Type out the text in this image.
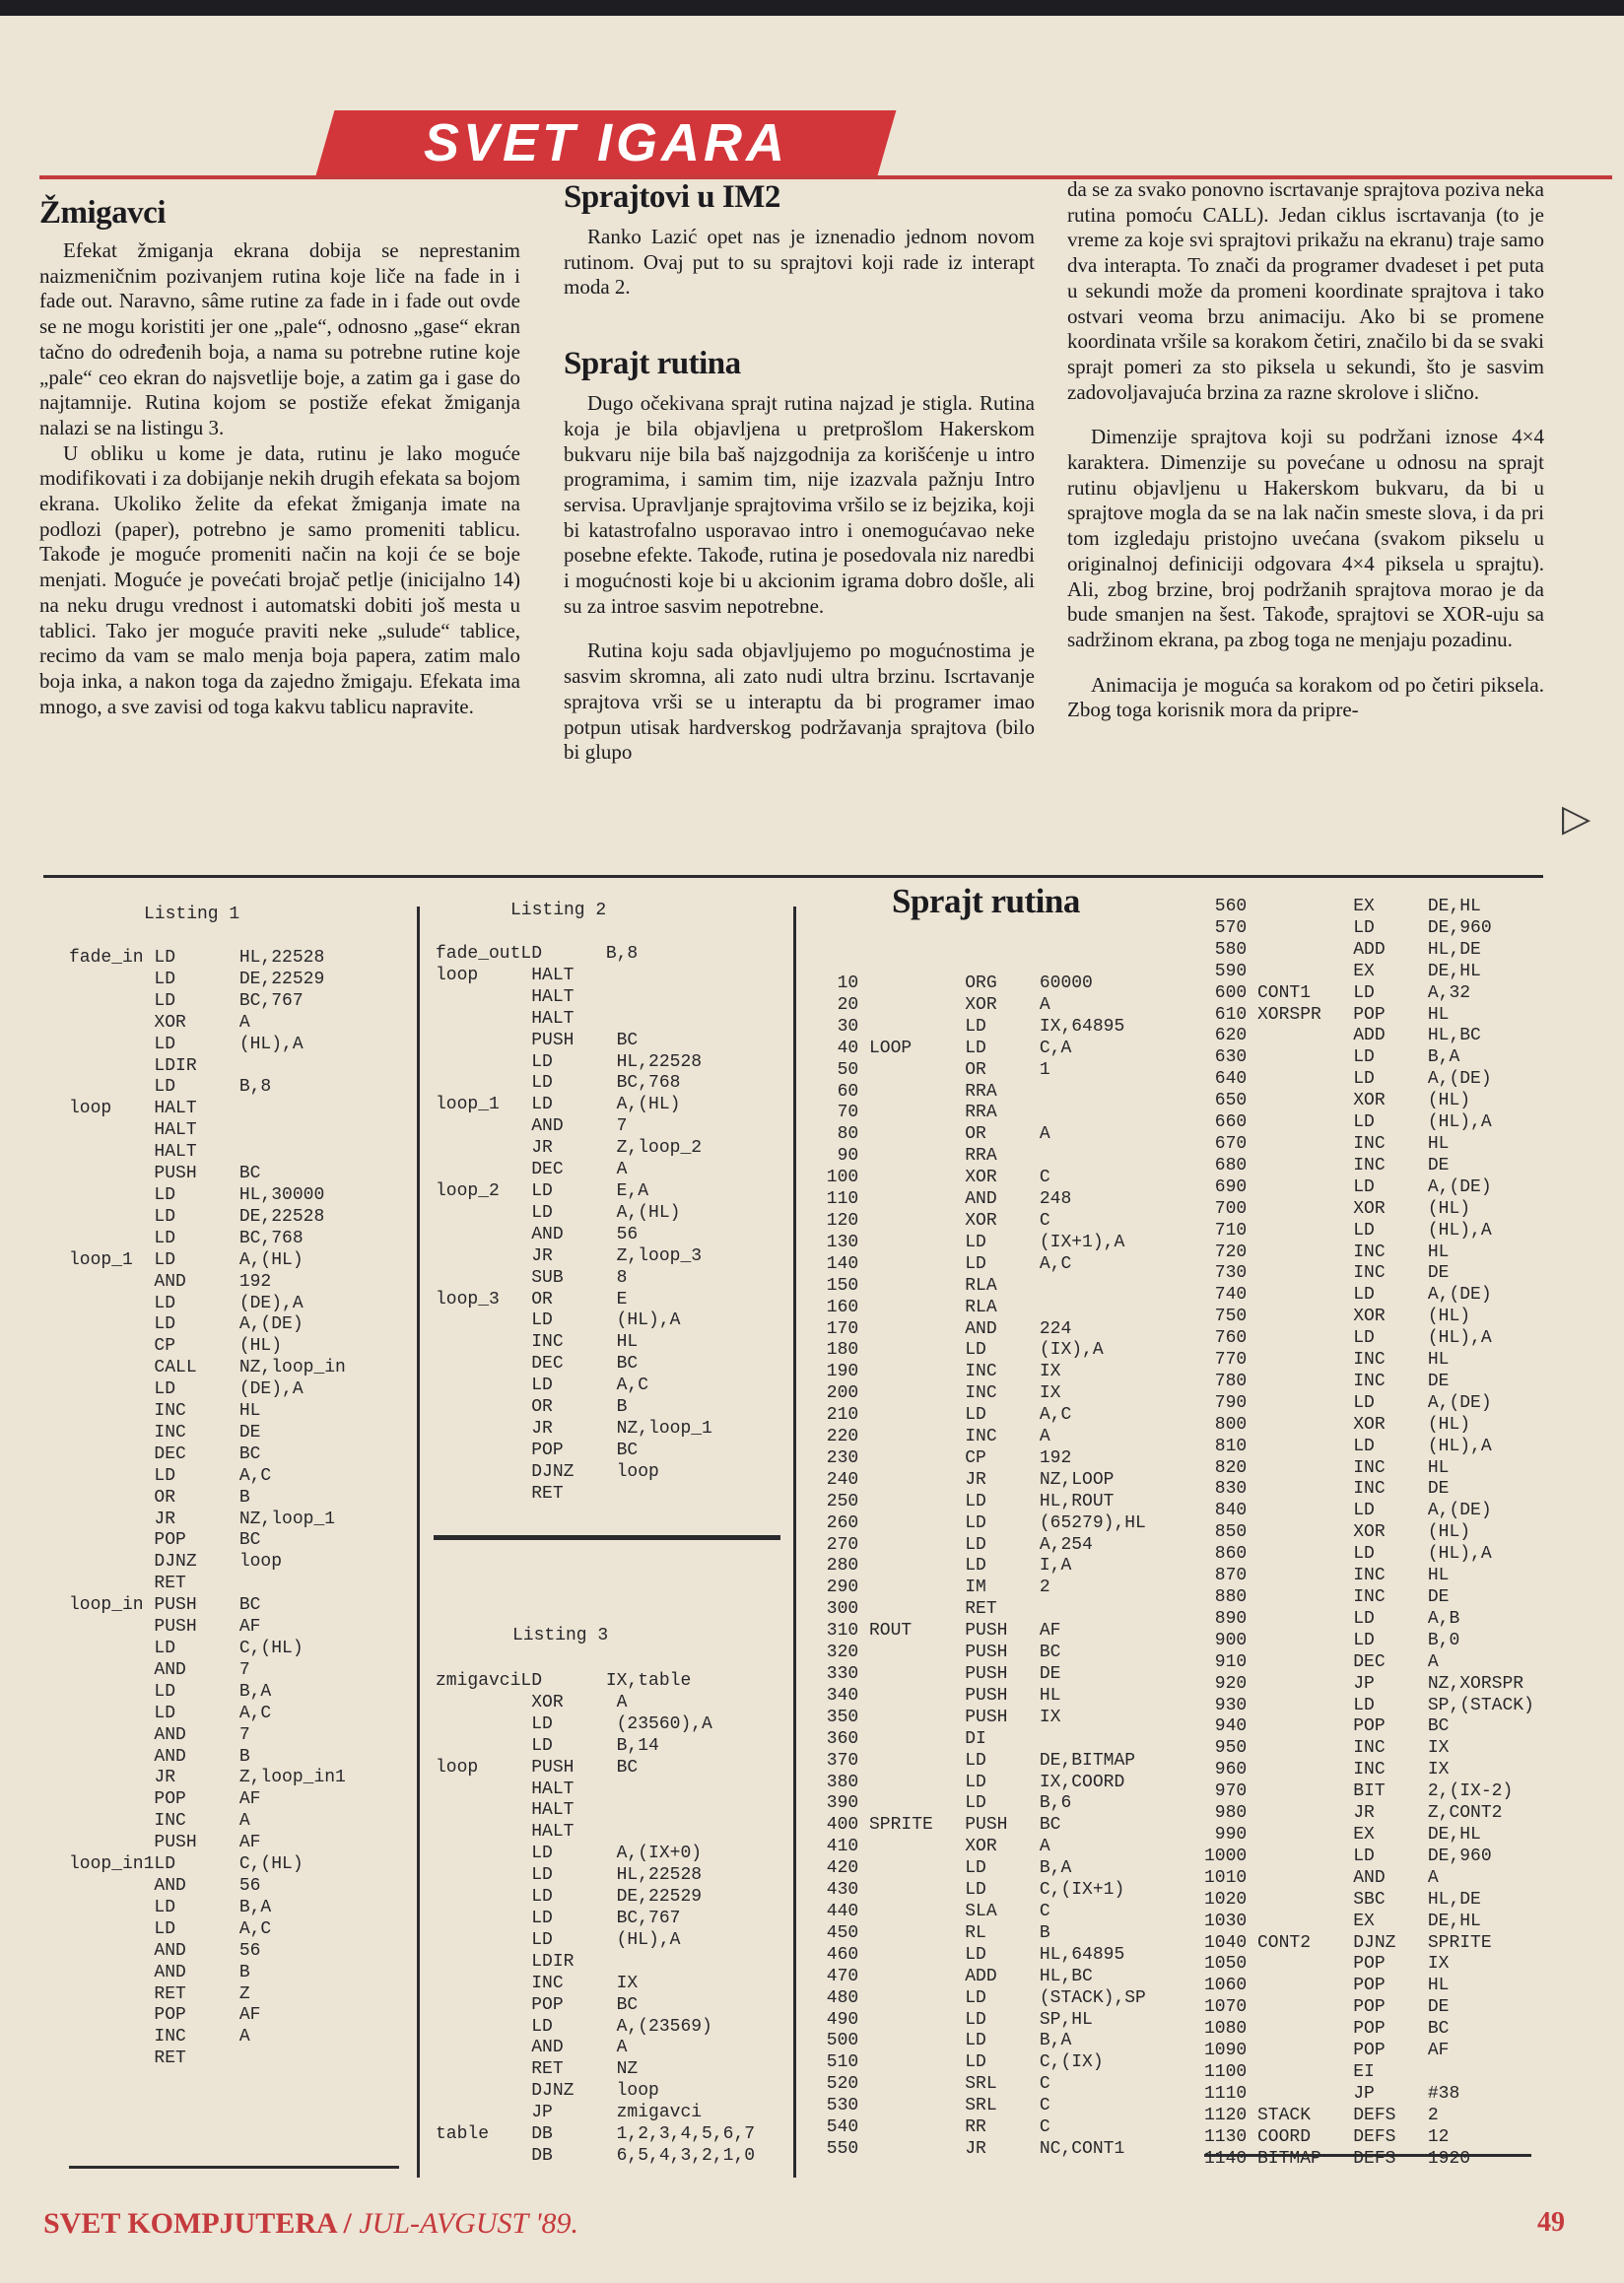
SVET IGARA
Žmigavci

Efekat žmiganja ekrana dobija se neprestanim naizmeničnim pozivanjem rutina koje liče na fade in i fade out. Naravno, sâme rutine za fade in i fade out ovde se ne mogu koristiti jer one „pale“, odnosno „gase“ ekran tačno do određenih boja, a nama su potrebne rutine koje „pale“ ceo ekran do najsvetlije boje, a zatim ga i gase do najtamnije. Rutina kojom se postiže efekat žmiganja nalazi se na listingu 3.

U obliku u kome je data, rutinu je lako moguće modifikovati i za dobijanje nekih drugih efekata sa bojom ekrana. Ukoliko želite da efekat žmiganja imate na podlozi (paper), potrebno je samo promeniti tablicu. Takođe je moguće promeniti način na koji će se boje menjati. Moguće je povećati brojač petlje (inicijalno 14) na neku drugu vrednost i automatski dobiti još mesta u tablici. Tako jer moguće praviti neke „sulude“ tablice, recimo da vam se malo menja boja papera, zatim malo boja inka, a nakon toga da zajedno žmigaju. Efekata ima mnogo, a sve zavisi od toga kakvu tablicu napravite.

Sprajtovi u IM2

Ranko Lazić opet nas je iznenadio jednom novom rutinom. Ovaj put to su sprajtovi koji rade iz interapt moda 2.

Sprajt rutina

Dugo očekivana sprajt rutina najzad je stigla. Rutina koja je bila objavljena u pretprošlom Hakerskom bukvaru nije bila baš najzgodnija za korišćenje u intro programima, i samim tim, nije izazvala pažnju Intro servisa. Upravljanje sprajtovima vršilo se iz bejzika, koji bi katastrofalno usporavao intro i onemogućavao neke posebne efekte. Takođe, rutina je posedovala niz naredbi i mogućnosti koje bi u akcionim igrama dobro došle, ali su za introe sasvim nepotrebne.

Rutina koju sada objavljujemo po mogućnostima je sasvim skromna, ali zato nudi ultra brzinu. Iscrtavanje sprajtova vrši se u interaptu da bi programer imao potpun utisak hardverskog podržavanja sprajtova (bilo bi glupo

da se za svako ponovno iscrtavanje sprajtova poziva neka rutina pomoću CALL). Jedan ciklus iscrtavanja (to je vreme za koje svi sprajtovi prikažu na ekranu) traje samo dva interapta. To znači da programer dvadeset i pet puta u sekundi može da promeni koordinate sprajtova i tako ostvari veoma brzu animaciju. Ako bi se promene koordinata vršile sa korakom četiri, značilo bi da se svaki sprajt pomeri za sto piksela u sekundi, što je sasvim zadovoljavajuća brzina za razne skrolove i slično.

Dimenzije sprajtova koji su podržani iznose 4×4 karaktera. Dimenzije su povećane u odnosu na sprajt rutinu objavljenu u Hakerskom bukvaru, da bi u sprajtove mogla da se na lak način smeste slova, i da pri tom izgledaju pristojno uvećana (svakom pikselu u originalnoj definiciji odgovara 4×4 piksela u sprajtu). Ali, zbog brzine, broj podržanih sprajtova morao je da bude smanjen na šest. Takođe, sprajtovi se XOR-uju sa sadržinom ekrana, pa zbog toga ne menjaju pozadinu.

Animacija je moguća sa korakom od po četiri piksela. Zbog toga korisnik mora da pripre-

▷
Listing 1
fade_in LD      HL,22528
LD      DE,22529
LD      BC,767
XOR     A
LD      (HL),A
LDIR
LD      B,8
loop    HALT
HALT
HALT
PUSH    BC
LD      HL,30000
LD      DE,22528
LD      BC,768
loop_1  LD      A,(HL)
AND     192
LD      (DE),A
LD      A,(DE)
CP      (HL)
CALL    NZ,loop_in
LD      (DE),A
INC     HL
INC     DE
DEC     BC
LD      A,C
OR      B
JR      NZ,loop_1
POP     BC
DJNZ    loop
RET
loop_in PUSH    BC
PUSH    AF
LD      C,(HL)
AND     7
LD      B,A
LD      A,C
AND     7
AND     B
JR      Z,loop_in1
POP     AF
INC     A
PUSH    AF
loop_in1LD      C,(HL)
AND     56
LD      B,A
LD      A,C
AND     56
AND     B
RET     Z
POP     AF
INC     A
RET
Listing 2
fade_outLD      B,8
loop     HALT
HALT
HALT
PUSH    BC
LD      HL,22528
LD      BC,768
loop_1   LD      A,(HL)
AND     7
JR      Z,loop_2
DEC     A
loop_2   LD      E,A
LD      A,(HL)
AND     56
JR      Z,loop_3
SUB     8
loop_3   OR      E
LD      (HL),A
INC     HL
DEC     BC
LD      A,C
OR      B
JR      NZ,loop_1
POP     BC
DJNZ    loop
RET
Listing 3
zmigavciLD      IX,table
XOR     A
LD      (23560),A
LD      B,14
loop     PUSH    BC
HALT
HALT
HALT
LD      A,(IX+0)
LD      HL,22528
LD      DE,22529
LD      BC,767
LD      (HL),A
LDIR
INC     IX
POP     BC
LD      A,(23569)
AND     A
RET     NZ
DJNZ    loop
JP      zmigavci
table    DB      1,2,3,4,5,6,7
DB      6,5,4,3,2,1,0
Sprajt rutina
10          ORG    60000
20          XOR    A
30          LD     IX,64895
40 LOOP     LD     C,A
50          OR     1
60          RRA
70          RRA
80          OR     A
90          RRA
100          XOR    C
110          AND    248
120          XOR    C
130          LD     (IX+1),A
140          LD     A,C
150          RLA
160          RLA
170          AND    224
180          LD     (IX),A
190          INC    IX
200          INC    IX
210          LD     A,C
220          INC    A
230          CP     192
240          JR     NZ,LOOP
250          LD     HL,ROUT
260          LD     (65279),HL
270          LD     A,254
280          LD     I,A
290          IM     2
300          RET
310 ROUT     PUSH   AF
320          PUSH   BC
330          PUSH   DE
340          PUSH   HL
350          PUSH   IX
360          DI
370          LD     DE,BITMAP
380          LD     IX,COORD
390          LD     B,6
400 SPRITE   PUSH   BC
410          XOR    A
420          LD     B,A
430          LD     C,(IX+1)
440          SLA    C
450          RL     B
460          LD     HL,64895
470          ADD    HL,BC
480          LD     (STACK),SP
490          LD     SP,HL
500          LD     B,A
510          LD     C,(IX)
520          SRL    C
530          SRL    C
540          RR     C
550          JR     NC,CONT1
560          EX     DE,HL
570          LD     DE,960
580          ADD    HL,DE
590          EX     DE,HL
600 CONT1    LD     A,32
610 XORSPR   POP    HL
620          ADD    HL,BC
630          LD     B,A
640          LD     A,(DE)
650          XOR    (HL)
660          LD     (HL),A
670          INC    HL
680          INC    DE
690          LD     A,(DE)
700          XOR    (HL)
710          LD     (HL),A
720          INC    HL
730          INC    DE
740          LD     A,(DE)
750          XOR    (HL)
760          LD     (HL),A
770          INC    HL
780          INC    DE
790          LD     A,(DE)
800          XOR    (HL)
810          LD     (HL),A
820          INC    HL
830          INC    DE
840          LD     A,(DE)
850          XOR    (HL)
860          LD     (HL),A
870          INC    HL
880          INC    DE
890          LD     A,B
900          LD     B,0
910          DEC    A
920          JP     NZ,XORSPR
930          LD     SP,(STACK)
940          POP    BC
950          INC    IX
960          INC    IX
970          BIT    2,(IX-2)
980          JR     Z,CONT2
990          EX     DE,HL
1000          LD     DE,960
1010          AND    A
1020          SBC    HL,DE
1030          EX     DE,HL
1040 CONT2    DJNZ   SPRITE
1050          POP    IX
1060          POP    HL
1070          POP    DE
1080          POP    BC
1090          POP    AF
1100          EI
1110          JP     #38
1120 STACK    DEFS   2
1130 COORD    DEFS   12
1140 BITMAP   DEFS   1920
SVET KOMPJUTERA / JUL-AVGUST '89.	49
